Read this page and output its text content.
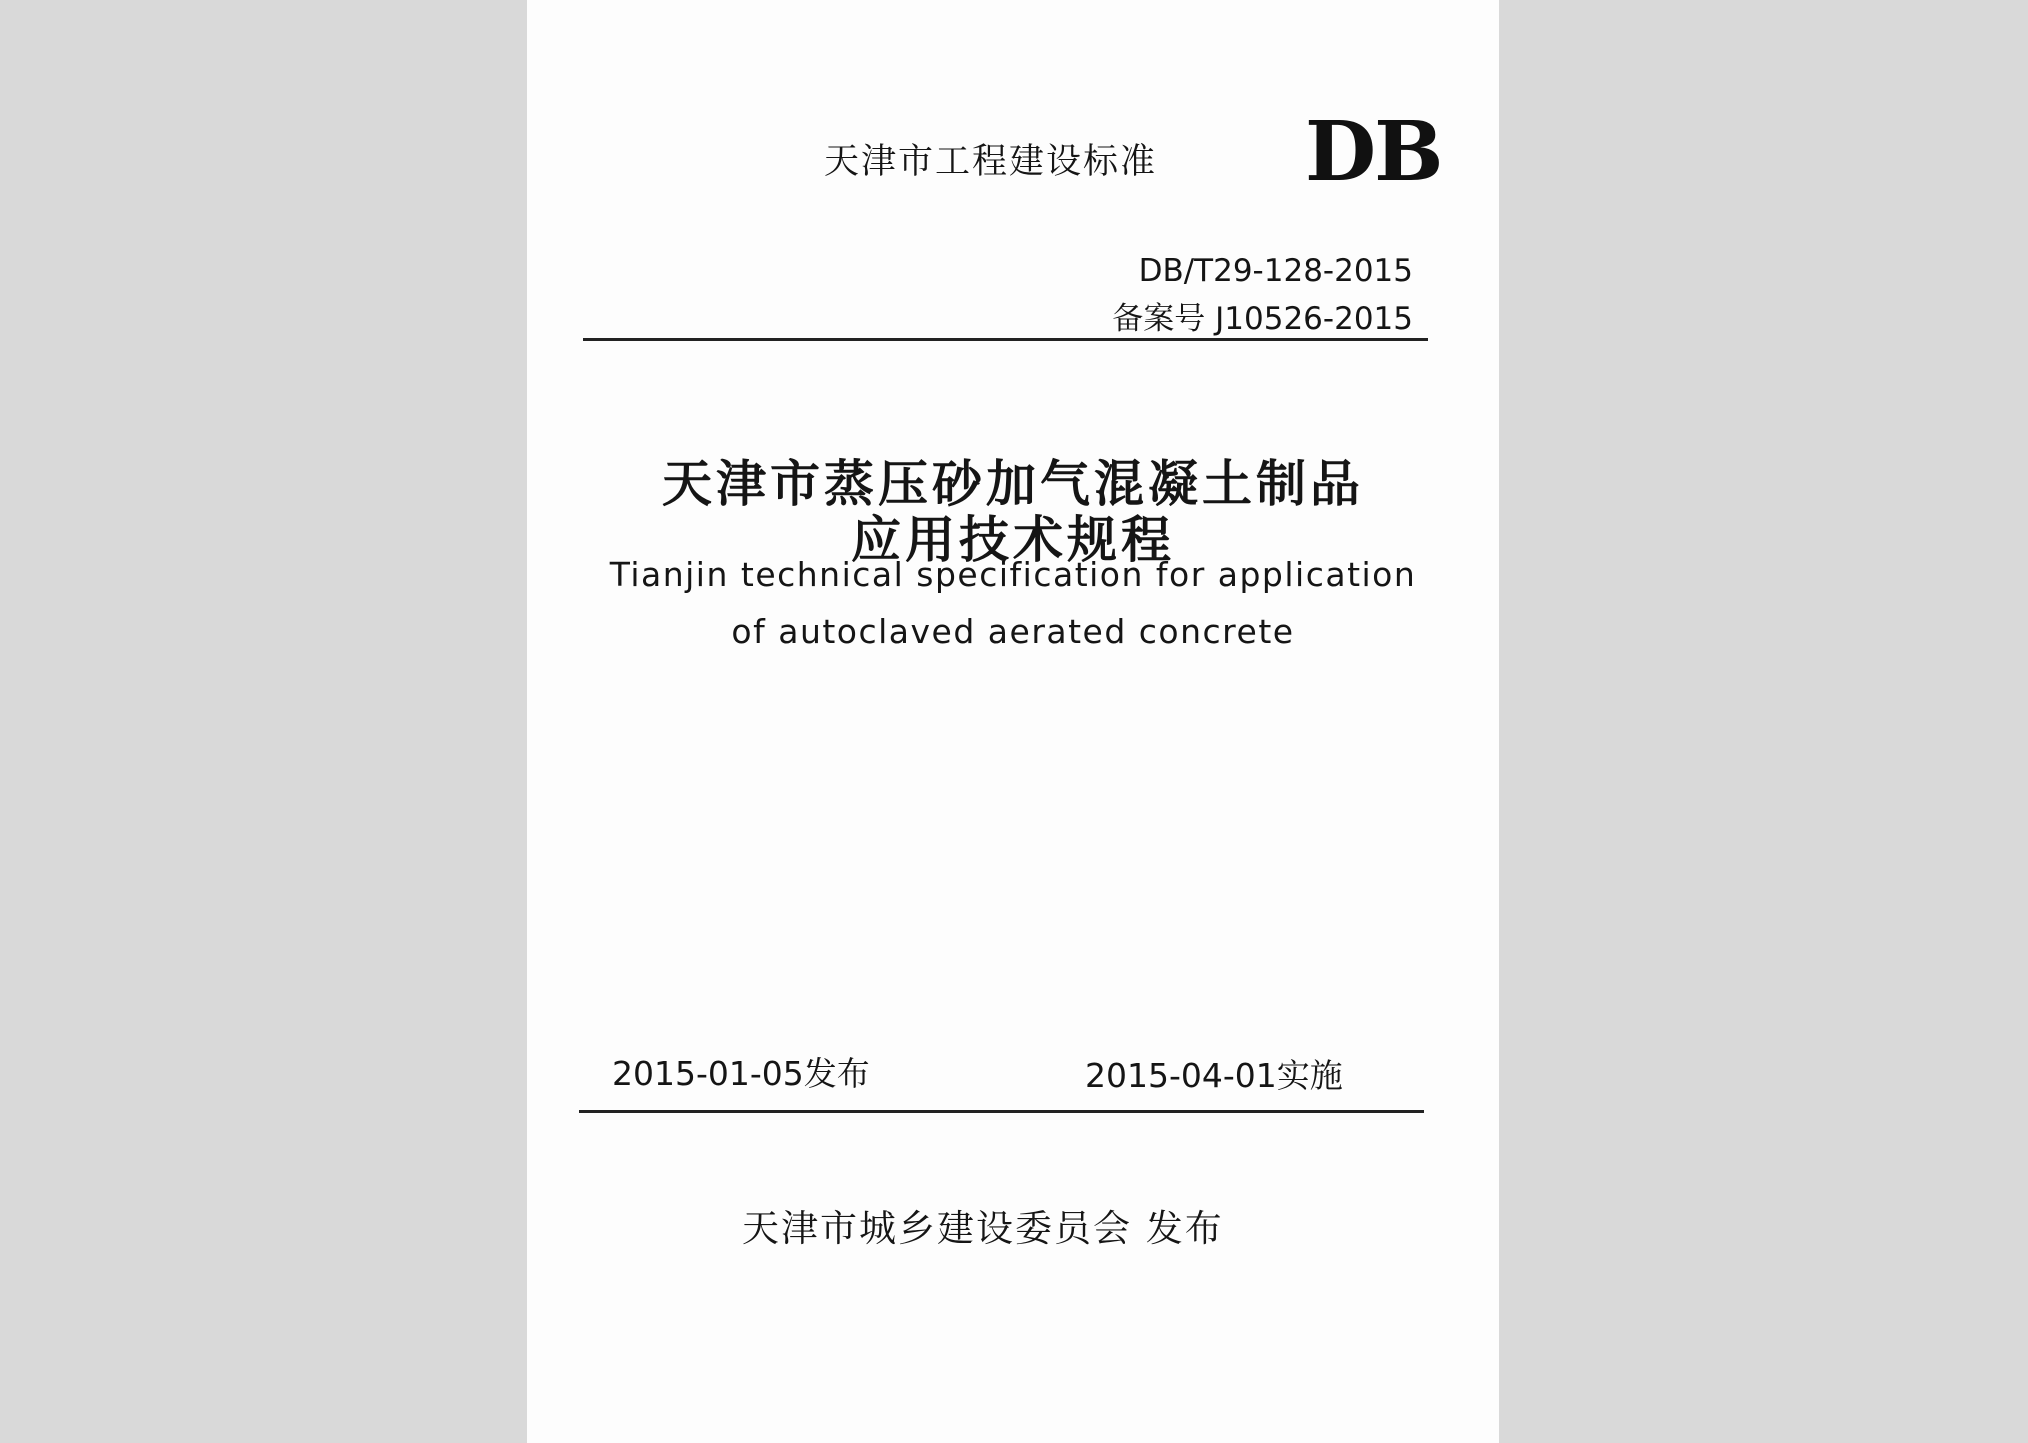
天津市工程建设标准 DB
DB/T29-128-2015
备案号 J10526-2015
天津市蒸压砂加气混凝土制品
应用技术规程
Tianjin technical specification for application
of autoclaved aerated concrete
2015-01-05发布	2015-04-01实施
天津市城乡建设委员会 发布
